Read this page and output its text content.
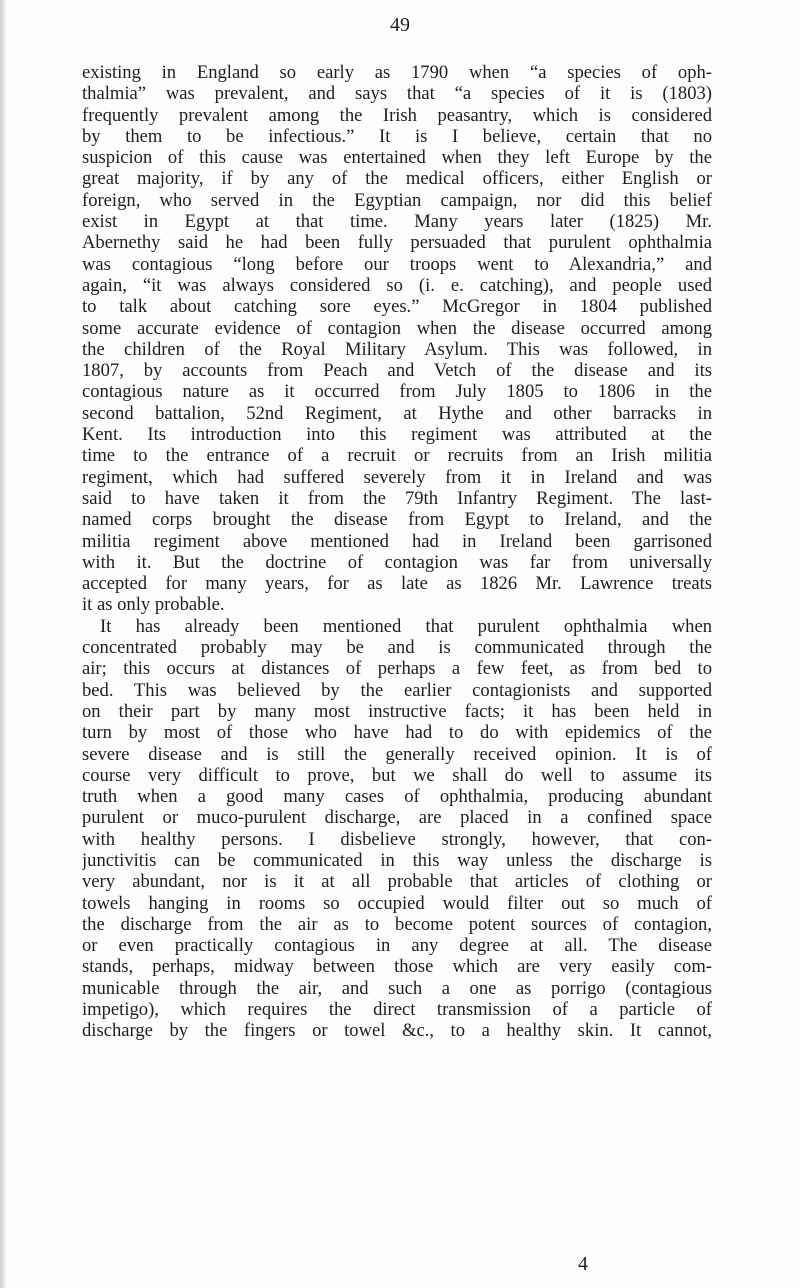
49
existing in England so early as 1790 when “a species of oph-
thalmia” was prevalent, and says that “a species of it is (1803)
frequently prevalent among the Irish peasantry, which is considered
by them to be infectious.” It is I believe, certain that no
suspicion of this cause was entertained when they left Europe by the
great majority, if by any of the medical officers, either English or
foreign, who served in the Egyptian campaign, nor did this belief
exist in Egypt at that time. Many years later (1825) Mr.
Abernethy said he had been fully persuaded that purulent ophthalmia
was contagious “long before our troops went to Alexandria,” and
again, “it was always considered so (i. e. catching), and people used
to talk about catching sore eyes.” McGregor in 1804 published
some accurate evidence of contagion when the disease occurred among
the children of the Royal Military Asylum. This was followed, in
1807, by accounts from Peach and Vetch of the disease and its
contagious nature as it occurred from July 1805 to 1806 in the
second battalion, 52nd Regiment, at Hythe and other barracks in
Kent. Its introduction into this regiment was attributed at the
time to the entrance of a recruit or recruits from an Irish militia
regiment, which had suffered severely from it in Ireland and was
said to have taken it from the 79th Infantry Regiment. The last-
named corps brought the disease from Egypt to Ireland, and the
militia regiment above mentioned had in Ireland been garrisoned
with it. But the doctrine of contagion was far from universally
accepted for many years, for as late as 1826 Mr. Lawrence treats
it as only probable.
It has already been mentioned that purulent ophthalmia when
concentrated probably may be and is communicated through the
air; this occurs at distances of perhaps a few feet, as from bed to
bed. This was believed by the earlier contagionists and supported
on their part by many most instructive facts; it has been held in
turn by most of those who have had to do with epidemics of the
severe disease and is still the generally received opinion. It is of
course very difficult to prove, but we shall do well to assume its
truth when a good many cases of ophthalmia, producing abundant
purulent or muco-purulent discharge, are placed in a confined space
with healthy persons. I disbelieve strongly, however, that con-
junctivitis can be communicated in this way unless the discharge is
very abundant, nor is it at all probable that articles of clothing or
towels hanging in rooms so occupied would filter out so much of
the discharge from the air as to become potent sources of contagion,
or even practically contagious in any degree at all. The disease
stands, perhaps, midway between those which are very easily com-
municable through the air, and such a one as porrigo (contagious
impetigo), which requires the direct transmission of a particle of
discharge by the fingers or towel &c., to a healthy skin. It cannot,
4
